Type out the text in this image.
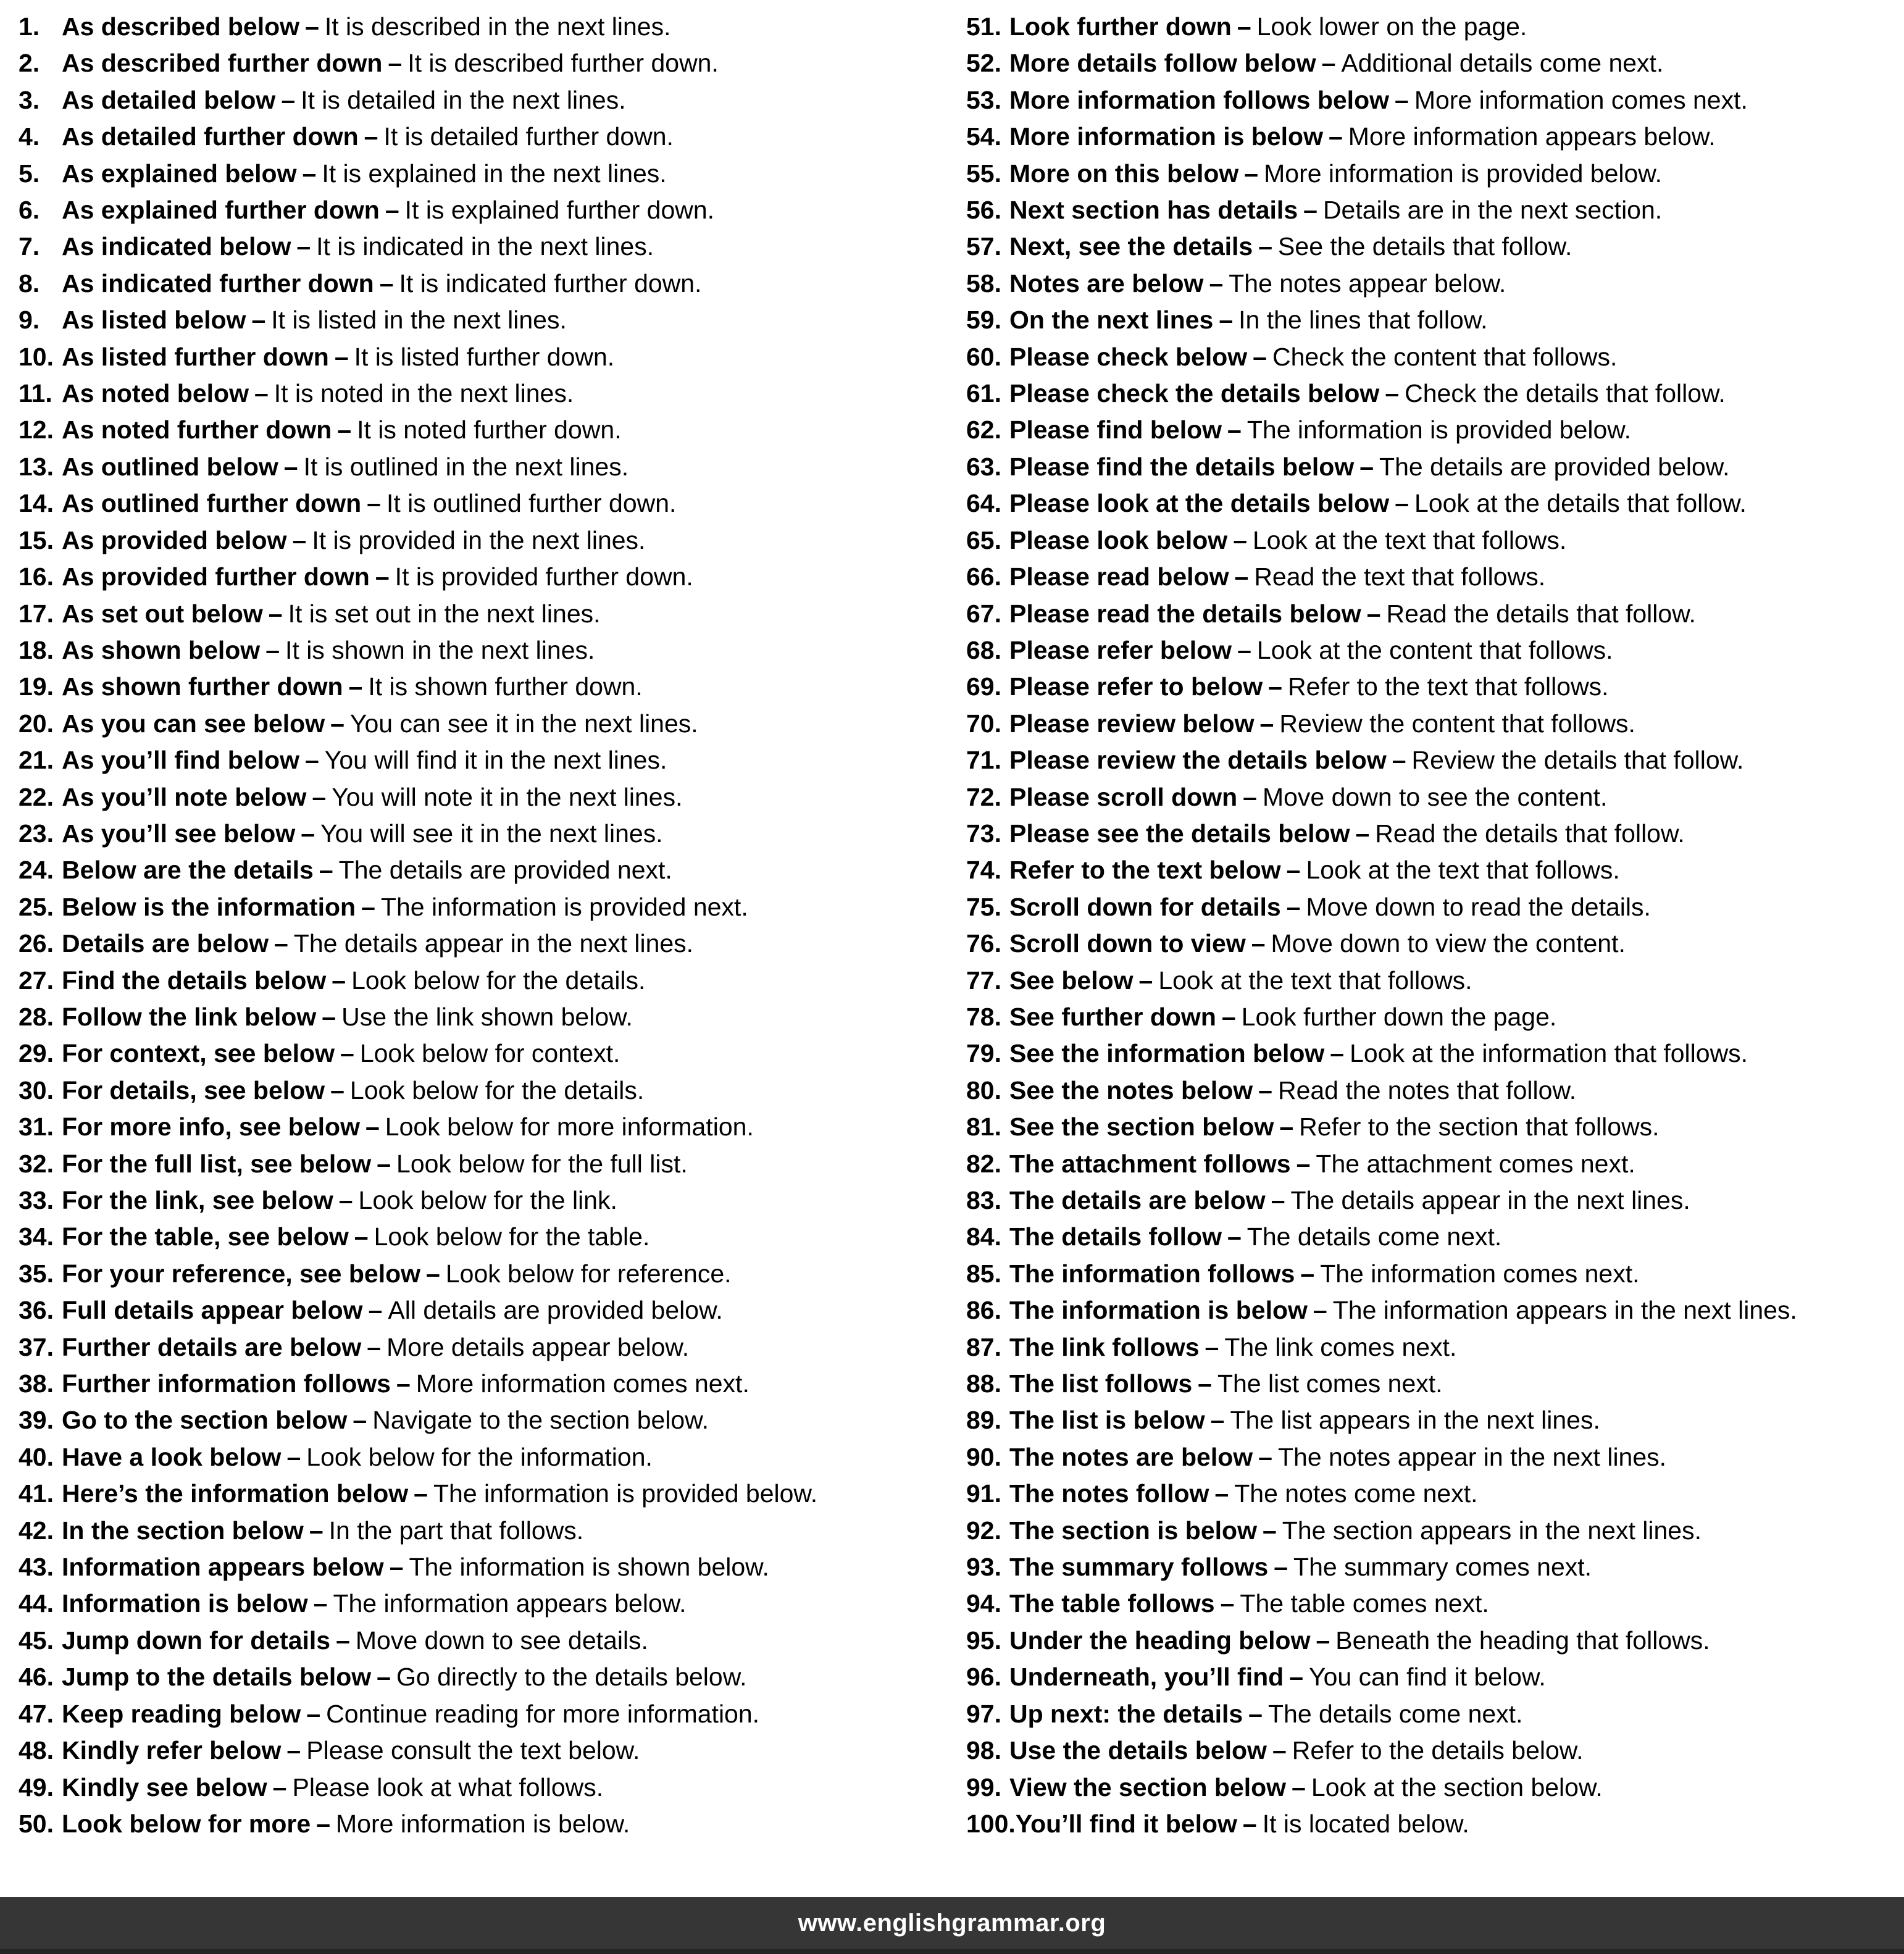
1. As described below – It is described in the next lines.
2. As described further down – It is described further down.
3. As detailed below – It is detailed in the next lines.
4. As detailed further down – It is detailed further down.
5. As explained below – It is explained in the next lines.
6. As explained further down – It is explained further down.
7. As indicated below – It is indicated in the next lines.
8. As indicated further down – It is indicated further down.
9. As listed below – It is listed in the next lines.
10. As listed further down – It is listed further down.
11. As noted below – It is noted in the next lines.
12. As noted further down – It is noted further down.
13. As outlined below – It is outlined in the next lines.
14. As outlined further down – It is outlined further down.
15. As provided below – It is provided in the next lines.
16. As provided further down – It is provided further down.
17. As set out below – It is set out in the next lines.
18. As shown below – It is shown in the next lines.
19. As shown further down – It is shown further down.
20. As you can see below – You can see it in the next lines.
21. As you’ll find below – You will find it in the next lines.
22. As you’ll note below – You will note it in the next lines.
23. As you’ll see below – You will see it in the next lines.
24. Below are the details – The details are provided next.
25. Below is the information – The information is provided next.
26. Details are below – The details appear in the next lines.
27. Find the details below – Look below for the details.
28. Follow the link below – Use the link shown below.
29. For context, see below – Look below for context.
30. For details, see below – Look below for the details.
31. For more info, see below – Look below for more information.
32. For the full list, see below – Look below for the full list.
33. For the link, see below – Look below for the link.
34. For the table, see below – Look below for the table.
35. For your reference, see below – Look below for reference.
36. Full details appear below – All details are provided below.
37. Further details are below – More details appear below.
38. Further information follows – More information comes next.
39. Go to the section below – Navigate to the section below.
40. Have a look below – Look below for the information.
41. Here’s the information below – The information is provided below.
42. In the section below – In the part that follows.
43. Information appears below – The information is shown below.
44. Information is below – The information appears below.
45. Jump down for details – Move down to see details.
46. Jump to the details below – Go directly to the details below.
47. Keep reading below – Continue reading for more information.
48. Kindly refer below – Please consult the text below.
49. Kindly see below – Please look at what follows.
50. Look below for more – More information is below.
51. Look further down – Look lower on the page.
52. More details follow below – Additional details come next.
53. More information follows below – More information comes next.
54. More information is below – More information appears below.
55. More on this below – More information is provided below.
56. Next section has details – Details are in the next section.
57. Next, see the details – See the details that follow.
58. Notes are below – The notes appear below.
59. On the next lines – In the lines that follow.
60. Please check below – Check the content that follows.
61. Please check the details below – Check the details that follow.
62. Please find below – The information is provided below.
63. Please find the details below – The details are provided below.
64. Please look at the details below – Look at the details that follow.
65. Please look below – Look at the text that follows.
66. Please read below – Read the text that follows.
67. Please read the details below – Read the details that follow.
68. Please refer below – Look at the content that follows.
69. Please refer to below – Refer to the text that follows.
70. Please review below – Review the content that follows.
71. Please review the details below – Review the details that follow.
72. Please scroll down – Move down to see the content.
73. Please see the details below – Read the details that follow.
74. Refer to the text below – Look at the text that follows.
75. Scroll down for details – Move down to read the details.
76. Scroll down to view – Move down to view the content.
77. See below – Look at the text that follows.
78. See further down – Look further down the page.
79. See the information below – Look at the information that follows.
80. See the notes below – Read the notes that follow.
81. See the section below – Refer to the section that follows.
82. The attachment follows – The attachment comes next.
83. The details are below – The details appear in the next lines.
84. The details follow – The details come next.
85. The information follows – The information comes next.
86. The information is below – The information appears in the next lines.
87. The link follows – The link comes next.
88. The list follows – The list comes next.
89. The list is below – The list appears in the next lines.
90. The notes are below – The notes appear in the next lines.
91. The notes follow – The notes come next.
92. The section is below – The section appears in the next lines.
93. The summary follows – The summary comes next.
94. The table follows – The table comes next.
95. Under the heading below – Beneath the heading that follows.
96. Underneath, you’ll find – You can find it below.
97. Up next: the details – The details come next.
98. Use the details below – Refer to the details below.
99. View the section below – Look at the section below.
100. You’ll find it below – It is located below.
www.englishgrammar.org
